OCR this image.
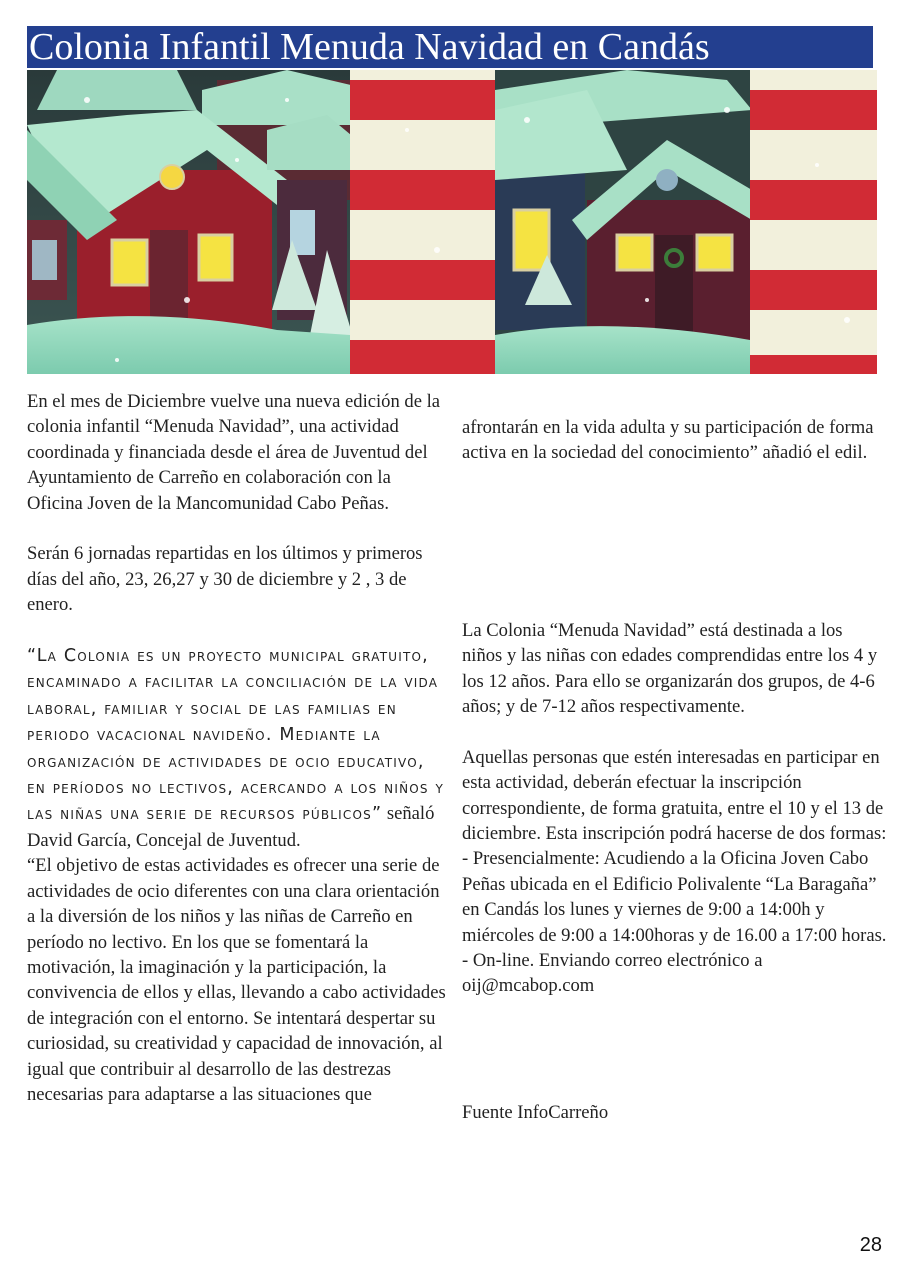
Colonia Infantil Menuda Navidad en Candás

En el mes de Diciembre vuelve una nueva edición de la colonia infantil “Menuda Navidad”, una actividad coordinada y financiada desde el área de Juventud del Ayuntamiento de Carreño en colaboración con la Oficina Joven de la Mancomunidad Cabo Peñas.

Serán 6 jornadas repartidas en los últimos y primeros días del año, 23, 26,27 y 30 de diciembre y 2 , 3 de enero.

“La Colonia es un proyecto municipal gratuito, encaminado a facilitar la conciliación de la vida laboral, familiar y social de las familias en periodo vacacional navideño. Mediante la organización de actividades de ocio educativo, en períodos no lectivos, acercando a los niños y las niñas una serie de recursos públicos” señaló David García, Concejal de Juventud.

“El objetivo de estas actividades es ofrecer una serie de actividades de ocio diferentes con una clara orientación a la diversión de los niños y las niñas de Carreño en período no lectivo. En los que se fomentará la motivación, la imaginación y la participación, la convivencia de ellos y ellas, llevando a cabo actividades de integración con el entorno. Se intentará despertar su curiosidad, su creatividad y capacidad de innovación, al igual que contribuir al desarrollo de las destrezas necesarias para adaptarse a las situaciones que

afrontarán en la vida adulta y su participación de forma activa en la sociedad del conocimiento” añadió el edil.

La Colonia “Menuda Navidad” está destinada a los niños y las niñas con edades comprendidas entre los 4 y los 12 años. Para ello se organizarán dos grupos, de 4-6 años; y de 7-12 años respectivamente.

Aquellas personas que estén interesadas en participar en esta actividad, deberán efectuar la inscripción correspondiente, de forma gratuita, entre el 10 y el 13 de diciembre. Esta inscripción podrá hacerse de dos formas:

- Presencialmente: Acudiendo a la Oficina Joven Cabo Peñas ubicada en el Edificio Polivalente “La Baragaña” en Candás los lunes y viernes de 9:00 a 14:00h y miércoles de 9:00 a 14:00horas y de 16.00 a 17:00 horas.

- On-line. Enviando correo electrónico a oij@mcabop.com

Fuente InfoCarreño

28
